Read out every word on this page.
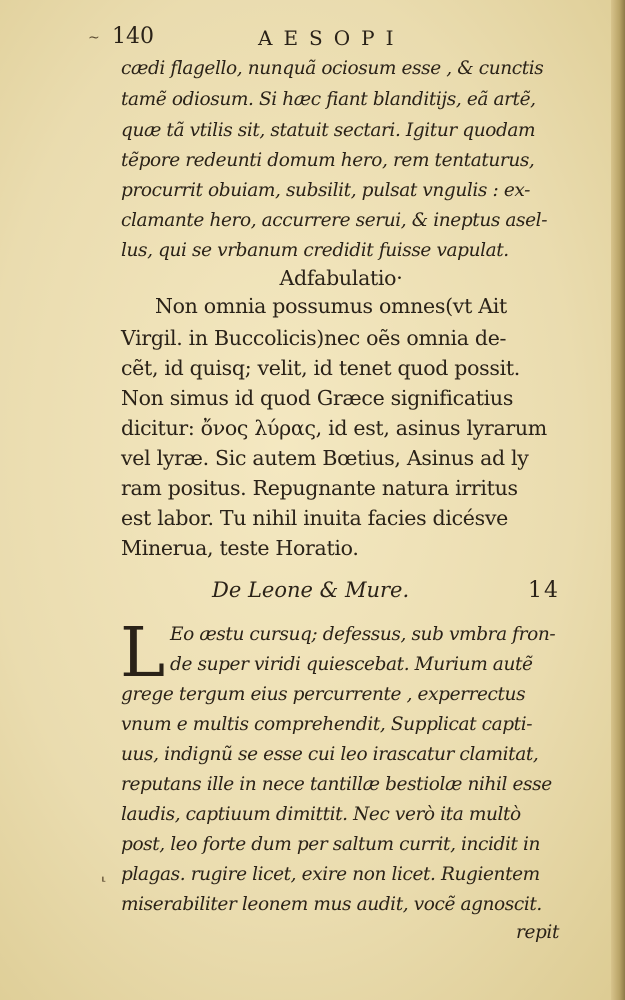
~ 140	AESOPI
cædi flagello, nunquã ociosum esse , & cunctis
tamẽ odiosum. Si hæc fiant blanditijs, eã artẽ,
quæ tã vtilis sit, statuit sectari. Igitur quodam
tẽpore redeunti domum hero, rem tentaturus,
procurrit obuiam, subsilit, pulsat vngulis : ex-
clamante hero, accurrere serui, & ineptus asel-
lus, qui se vrbanum credidit fuisse vapulat.
Adfabulatio·
Non omnia possumus omnes(vt Ait
Virgil. in Buccolicis)nec oẽs omnia de-
cẽt, id quisq; velit, id tenet quod possit.
Non simus id quod Græce significatius
dicitur: ὄνος λύρας, id est, asinus lyrarum
vel lyræ. Sic autem Bœtius, Asinus ad ly
ram positus. Repugnante natura irritus
est labor. Tu nihil inuita facies dicésve
Minerua, teste Horatio.
De Leone & Mure.	14
L Eo æstu cursuq; defessus, sub vmbra fron-
de super viridi quiescebat. Murium autẽ
grege tergum eius percurrente , experrectus
vnum e multis comprehendit, Supplicat capti-
uus, indignũ se esse cui leo irascatur clamitat,
reputans ille in nece tantillæ bestiolæ nihil esse
laudis, captiuum dimittit. Nec verò ita multò
post, leo forte dum per saltum currit, incidit in
plagas. rugire licet, exire non licet. Rugientem
miserabiliter leonem mus audit, vocẽ agnoscit.
⸤
repit
